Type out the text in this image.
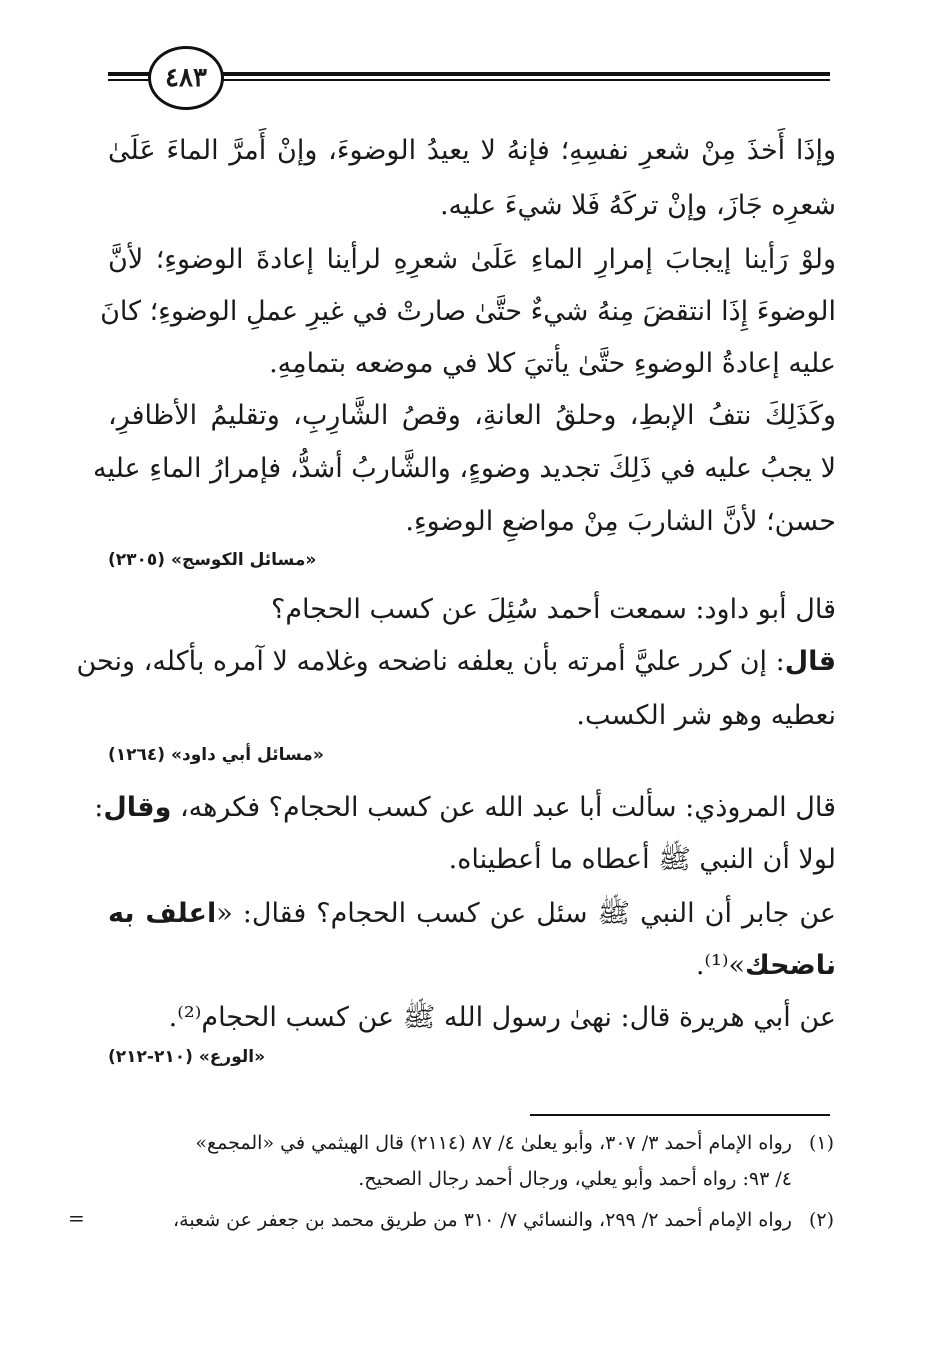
٤٨٣
وإذَا أَخذَ مِنْ شعرِ نفسِهِ؛ فإنهُ لا يعيدُ الوضوءَ، وإنْ أَمرَّ الماءَ عَلَىٰ
شعرِه جَازَ، وإنْ تركَهُ فَلا شيءَ عليه.
ولوْ رَأينا إيجابَ إمرارِ الماءِ عَلَىٰ شعرِهِ لرأينا إعادةَ الوضوءِ؛ لأنَّ
الوضوءَ إِذَا انتقضَ مِنهُ شيءٌ حتَّىٰ صارتْ في غيرِ عملِ الوضوءِ؛ كانَ
عليه إعادةُ الوضوءِ حتَّىٰ يأتيَ كلا في موضعه بتمامِهِ.
وكَذَلِكَ نتفُ الإبطِ، وحلقُ العانةِ، وقصُ الشَّارِبِ، وتقليمُ الأظافرِ،
لا يجبُ عليه في ذَلِكَ تجديد وضوءٍ، والشَّاربُ أشدُّ، فإمرارُ الماءِ عليه
حسن؛ لأنَّ الشاربَ مِنْ مواضعِ الوضوءِ.
«مسائل الكوسج» (٢٣٠٥)
قال أبو داود: سمعت أحمد سُئِلَ عن كسب الحجام؟
قال: إن كرر عليَّ أمرته بأن يعلفه ناضحه وغلامه لا آمره بأكله، ونحن
نعطيه وهو شر الكسب.
«مسائل أبي داود» (١٢٦٤)
قال المروذي: سألت أبا عبد الله عن كسب الحجام؟ فكرهه، وقال:
لولا أن النبي ﷺ أعطاه ما أعطيناه.
عن جابر أن النبي ﷺ سئل عن كسب الحجام؟ فقال: «اعلف به
ناضحك»⁽¹⁾.
عن أبي هريرة قال: نهىٰ رسول الله ﷺ عن كسب الحجام⁽²⁾.
«الورع» (٢١٠-٢١٢)
(١) رواه الإمام أحمد ٣/ ٣٠٧، وأبو يعلىٰ ٤/ ٨٧ (٢١١٤) قال الهيثمي في «المجمع»
٤/ ٩٣: رواه أحمد وأبو يعلي، ورجال أحمد رجال الصحيح.
(٢) رواه الإمام أحمد ٢/ ٢٩٩، والنسائي ٧/ ٣١٠ من طريق محمد بن جعفر عن شعبة،
=
